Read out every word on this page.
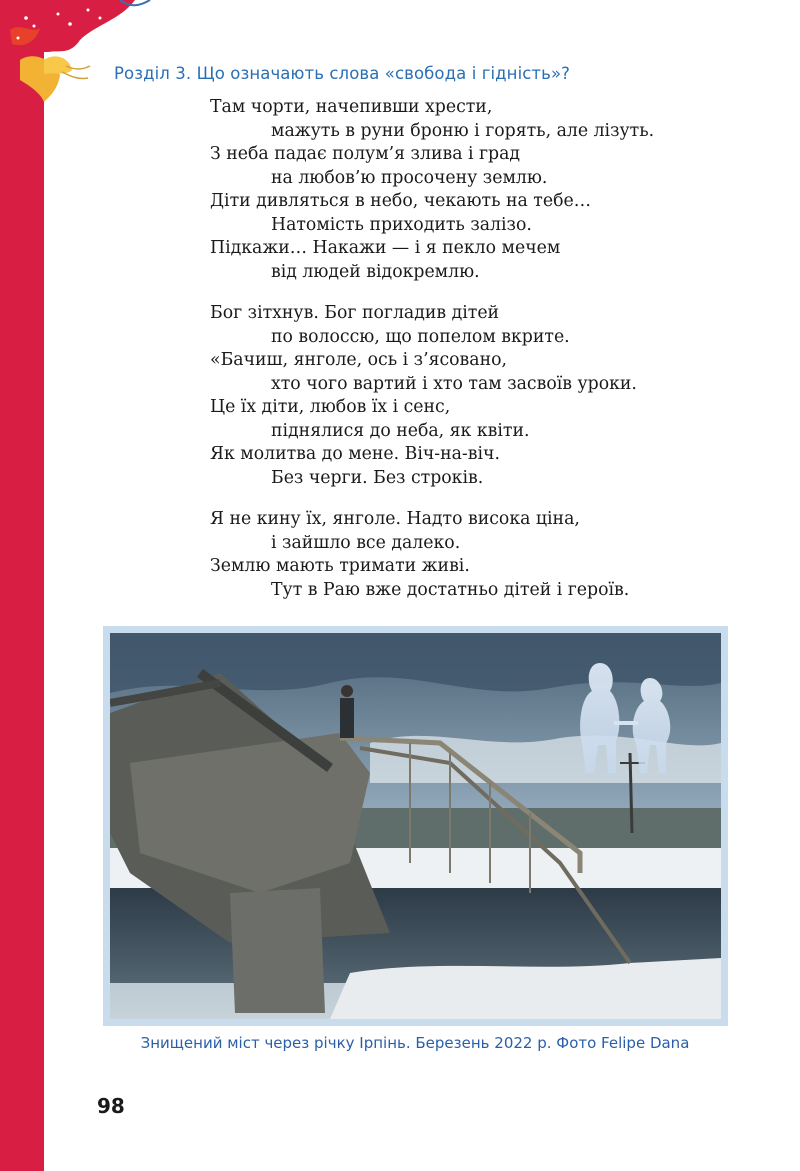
Розділ 3. Що означають слова «свобода і гідність»?
Там чорти, начепивши хрести,
мажуть в руни броню і горять, але лізуть.
З неба падає полум’я злива і град
на любов’ю просочену землю.
Діти дивляться в небо, чекають на тебе…
Натомість приходить залізо.
Підкажи… Накажи — і я пекло мечем
від людей відокремлю.
Бог зітхнув. Бог погладив дітей
по волоссю, що попелом вкрите.
«Бачиш, янголе, ось і з’ясовано,
хто чого вартий і хто там засвоїв уроки.
Це їх діти, любов їх і сенс,
піднялися до неба, як квіти.
Як молитва до мене. Віч-на-віч.
Без черги. Без строків.
Я не кину їх, янголе. Надто висока ціна,
і зайшло все далеко.
Землю мають тримати живі.
Тут в Раю вже достатньо дітей і героїв.
Знищений міст через річку Ірпінь. Березень 2022 р. Фото Felipe Dana
98
